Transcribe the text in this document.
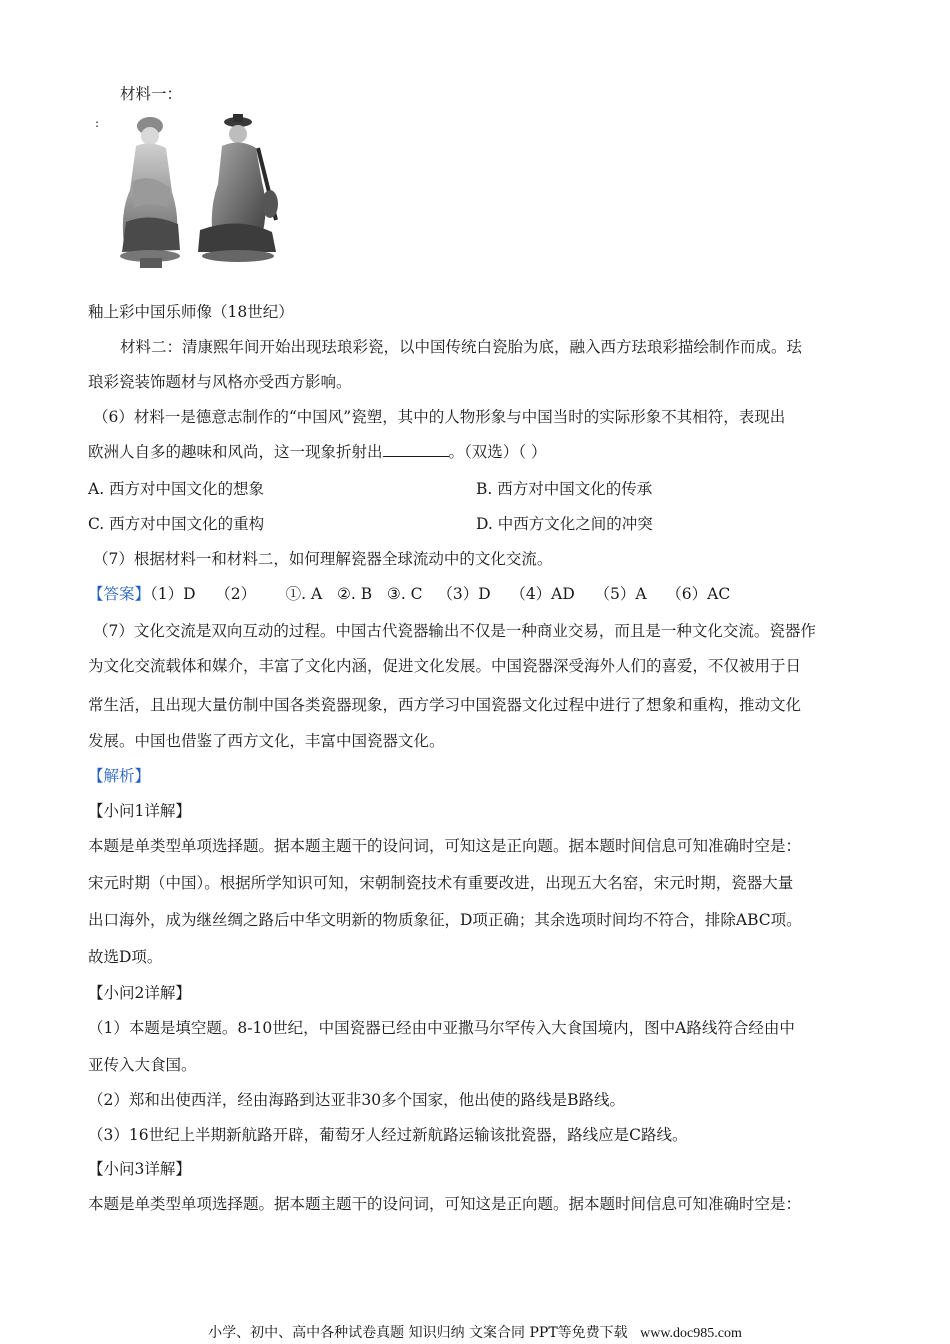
材料一：
:
釉上彩中国乐师像（18世纪）
材料二：清康熙年间开始出现珐琅彩瓷，以中国传统白瓷胎为底，融入西方珐琅彩描绘制作而成。珐
琅彩瓷装饰题材与风格亦受西方影响。
（6）材料一是德意志制作的“中国风”瓷塑，其中的人物形象与中国当时的实际形象不其相符，表现出
欧洲人自多的趣味和风尚，这一现象折射出	。（双选）（ ）
A. 西方对中国文化的想象	B. 西方对中国文化的传承
C. 西方对中国文化的重构	D. 中西方文化之间的冲突
（7）根据材料一和材料二，如何理解瓷器全球流动中的文化交流。
【答案】（1）D    （2）      ①. A   ②. B   ③. C   （3）D    （4）AD    （5）A    （6）AC
（7）文化交流是双向互动的过程。中国古代瓷器输出不仅是一种商业交易，而且是一种文化交流。瓷器作
为文化交流载体和媒介，丰富了文化内涵，促进文化发展。中国瓷器深受海外人们的喜爱，不仅被用于日
常生活，且出现大量仿制中国各类瓷器现象，西方学习中国瓷器文化过程中进行了想象和重构，推动文化
发展。中国也借鉴了西方文化，丰富中国瓷器文化。
【解析】
【小问1详解】
本题是单类型单项选择题。据本题主题干的设问词，可知这是正向题。据本题时间信息可知准确时空是：
宋元时期（中国）。根据所学知识可知，宋朝制瓷技术有重要改进，出现五大名窑，宋元时期，瓷器大量
出口海外，成为继丝绸之路后中华文明新的物质象征，D项正确；其余选项时间均不符合，排除ABC项。
故选D项。
【小问2详解】
（1）本题是填空题。8-10世纪，中国瓷器已经由中亚撒马尔罕传入大食国境内，图中A路线符合经由中
亚传入大食国。
（2）郑和出使西洋，经由海路到达亚非30多个国家，他出使的路线是B路线。
（3）16世纪上半期新航路开辟，葡萄牙人经过新航路运输该批瓷器，路线应是C路线。
【小问3详解】
本题是单类型单项选择题。据本题主题干的设问词，可知这是正向题。据本题时间信息可知准确时空是：
小学、初中、高中各种试卷真题 知识归纳 文案合同 PPT等免费下载 www.doc985.com
